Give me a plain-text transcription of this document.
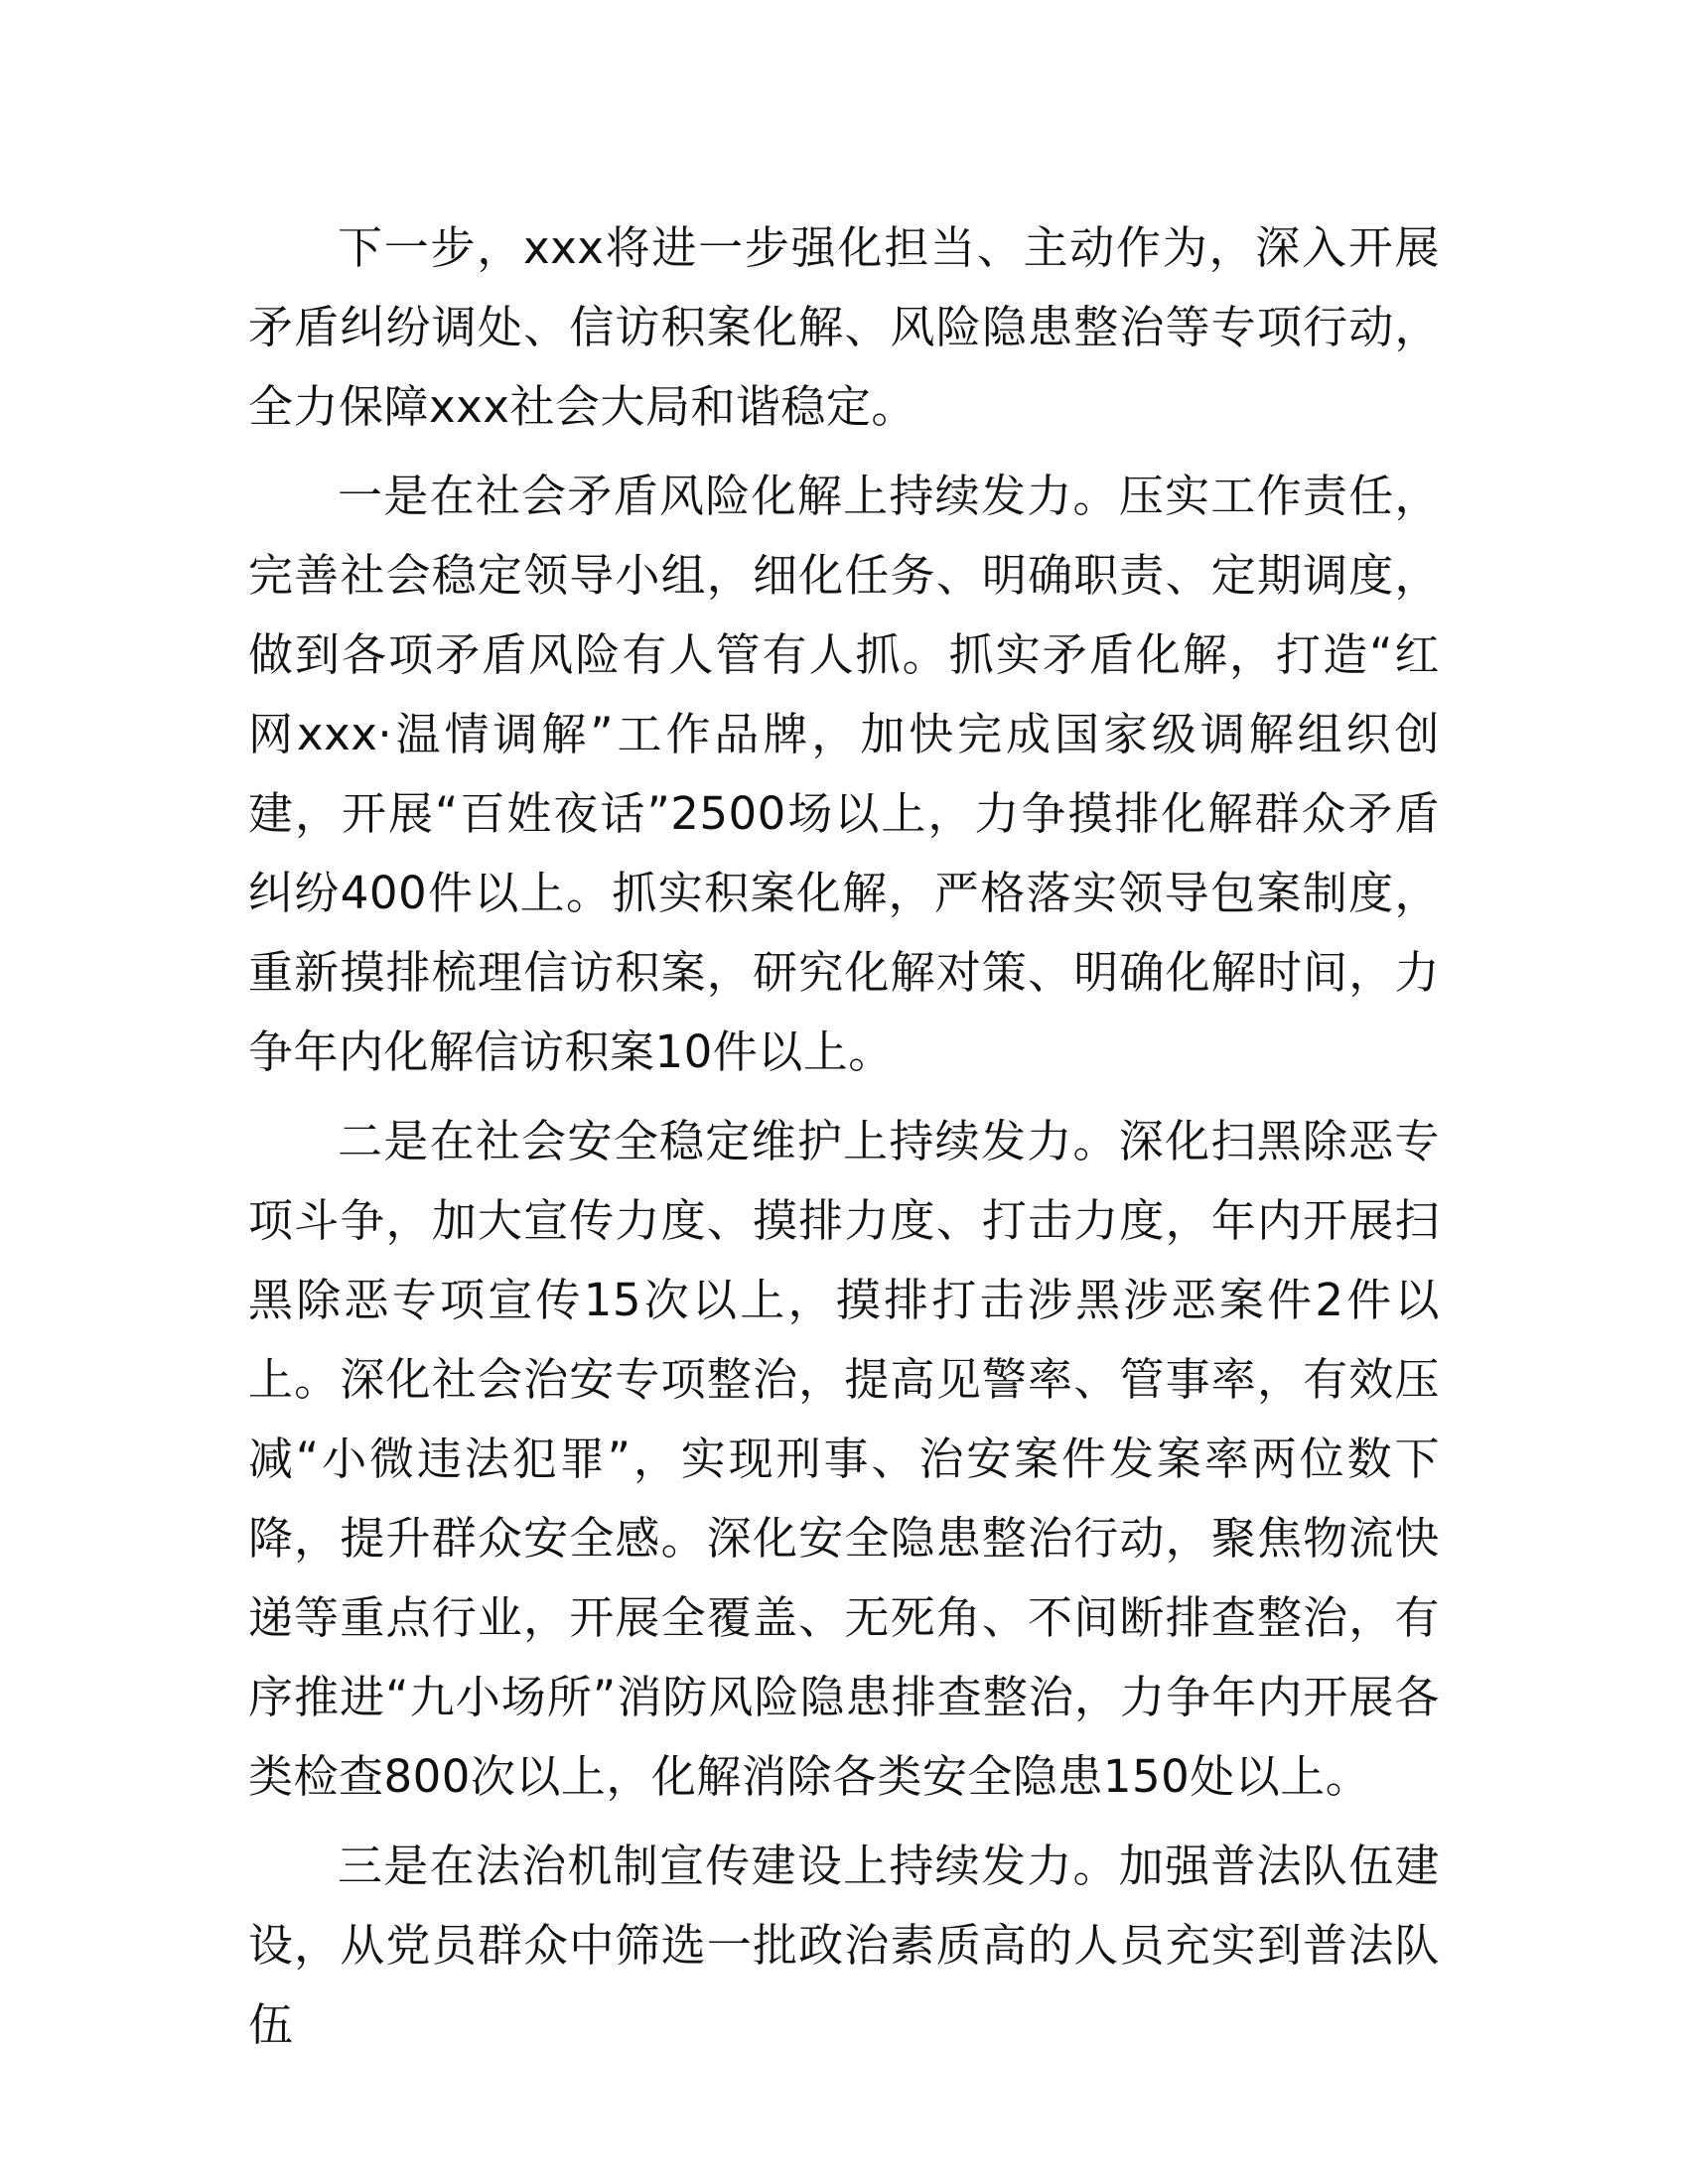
下一步，xxx将进一步强化担当、主动作为，深入开展矛盾纠纷调处、信访积案化解、风险隐患整治等专项行动，全力保障xxx社会大局和谐稳定。

一是在社会矛盾风险化解上持续发力。压实工作责任，完善社会稳定领导小组，细化任务、明确职责、定期调度，做到各项矛盾风险有人管有人抓。抓实矛盾化解，打造“红网xxx·温情调解”工作品牌，加快完成国家级调解组织创建，开展“百姓夜话”2500场以上，力争摸排化解群众矛盾纠纷400件以上。抓实积案化解，严格落实领导包案制度，重新摸排梳理信访积案，研究化解对策、明确化解时间，力争年内化解信访积案10件以上。

二是在社会安全稳定维护上持续发力。深化扫黑除恶专项斗争，加大宣传力度、摸排力度、打击力度，年内开展扫黑除恶专项宣传15次以上，摸排打击涉黑涉恶案件2件以上。深化社会治安专项整治，提高见警率、管事率，有效压减“小微违法犯罪”，实现刑事、治安案件发案率两位数下降，提升群众安全感。深化安全隐患整治行动，聚焦物流快递等重点行业，开展全覆盖、无死角、不间断排查整治，有序推进“九小场所”消防风险隐患排查整治，力争年内开展各类检查800次以上，化解消除各类安全隐患150处以上。

三是在法治机制宣传建设上持续发力。加强普法队伍建设，从党员群众中筛选一批政治素质高的人员充实到普法队伍
